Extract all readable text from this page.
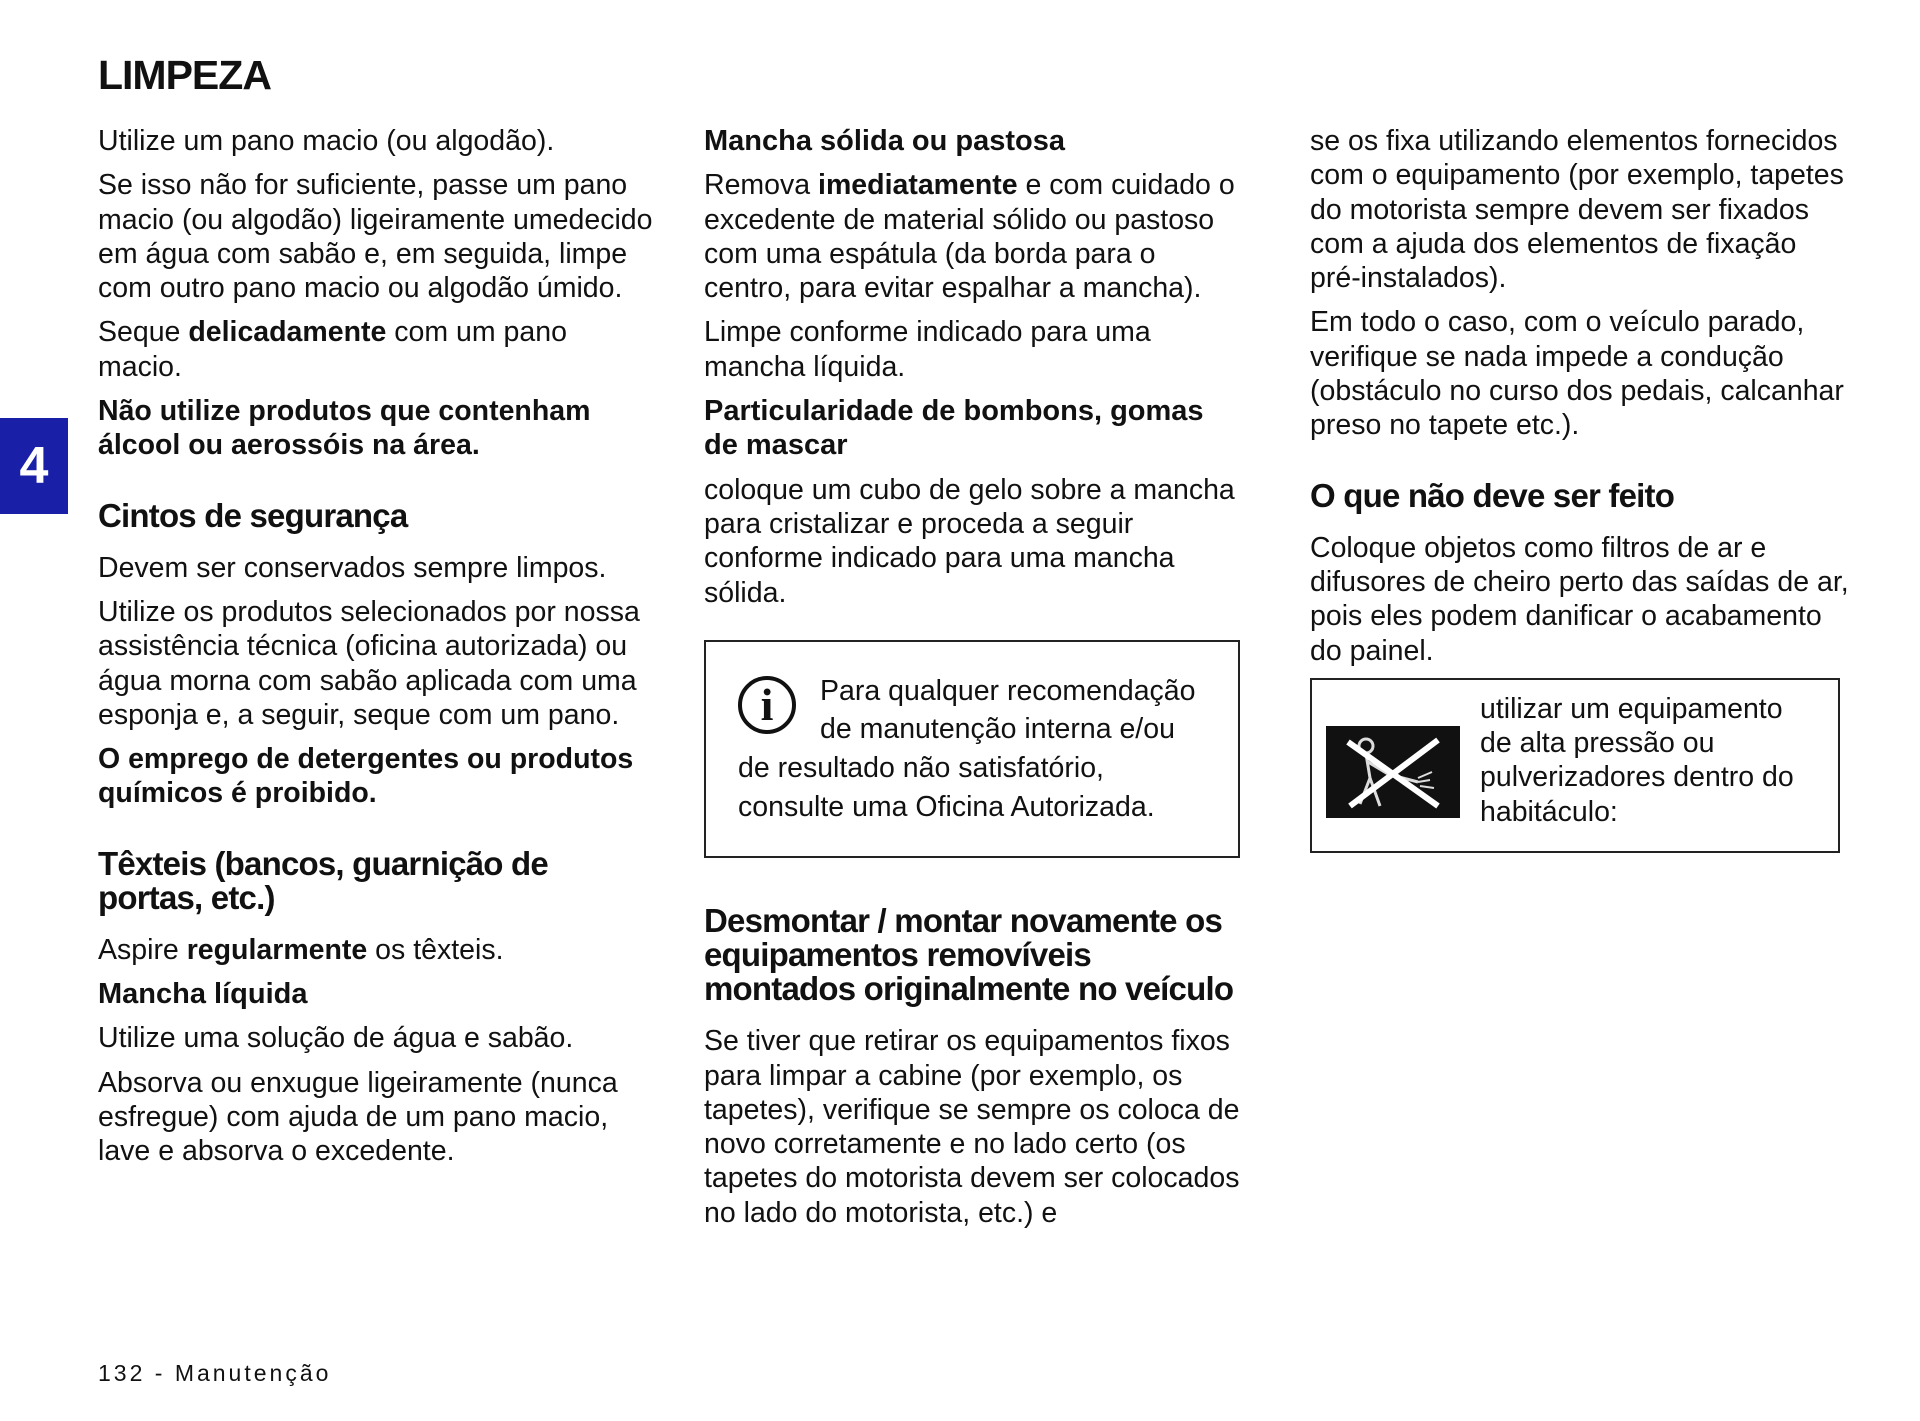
LIMPEZA
4

Utilize um pano macio (ou algodão).

Se isso não for suficiente, passe um pano macio (ou algodão) ligeiramente umedecido em água com sabão e, em seguida, limpe com outro pano macio ou algodão úmido.

Seque delicadamente com um pano macio.

Não utilize produtos que contenham álcool ou aerossóis na área.

Cintos de segurança

Devem ser conservados sempre limpos.

Utilize os produtos selecionados por nossa assistência técnica (oficina autorizada) ou água morna com sabão aplicada com uma esponja e, a seguir, seque com um pano.

O emprego de detergentes ou produtos químicos é proibido.

Têxteis (bancos, guarnição de portas, etc.)

Aspire regularmente os têxteis.

Mancha líquida

Utilize uma solução de água e sabão.

Absorva ou enxugue ligeiramente (nunca esfregue) com ajuda de um pano macio, lave e absorva o excedente.

Mancha sólida ou pastosa

Remova imediatamente e com cuidado o excedente de material sólido ou pastoso com uma espátula (da borda para o centro, para evitar espalhar a mancha).

Limpe conforme indicado para uma mancha líquida.

Particularidade de bombons, gomas de mascar

coloque um cubo de gelo sobre a mancha para cristalizar e proceda a seguir conforme indicado para uma mancha sólida.

i	Para qualquer recomendação de manutenção interna e/ou de resultado não satisfatório, consulte uma Oficina Autorizada.

Desmontar / montar novamente os equipamentos removíveis montados originalmente no veículo

Se tiver que retirar os equipamentos fixos para limpar a cabine (por exemplo, os tapetes), verifique se sempre os coloca de novo corretamente e no lado certo (os tapetes do motorista devem ser colocados no lado do motorista, etc.) e

se os fixa utilizando elementos fornecidos com o equipamento (por exemplo, tapetes do motorista sempre devem ser fixados com a ajuda dos elementos de fixação pré-instalados).

Em todo o caso, com o veículo parado, verifique se nada impede a condução (obstáculo no curso dos pedais, calcanhar preso no tapete etc.).

O que não deve ser feito

Coloque objetos como filtros de ar e difusores de cheiro perto das saídas de ar, pois eles podem danificar o acabamento do painel.

utilizar um equipamento de alta pressão ou pulverizadores dentro do habitáculo:

132 - Manutenção
